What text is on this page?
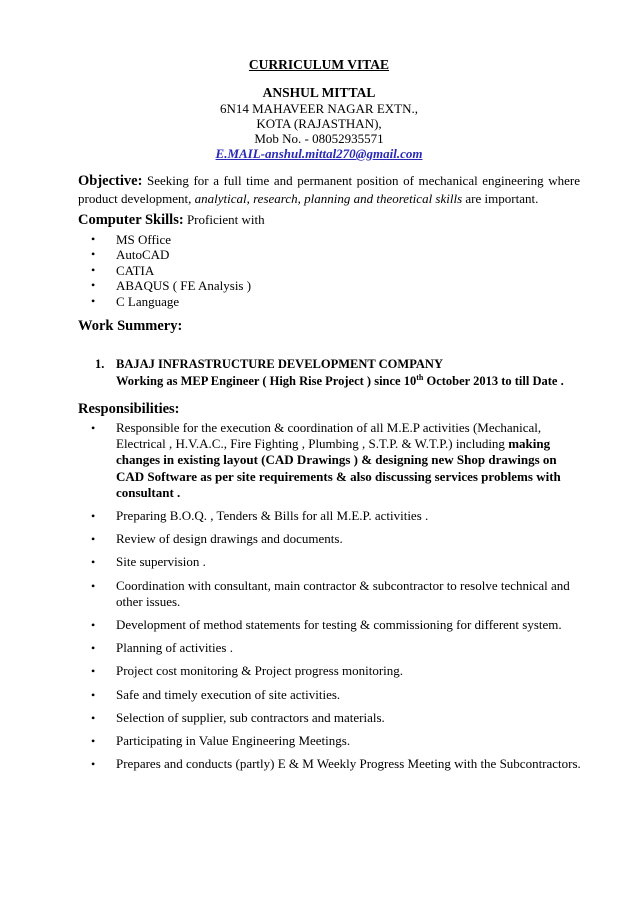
CURRICULUM VITAE
ANSHUL MITTAL
6N14 MAHAVEER NAGAR EXTN.,
KOTA (RAJASTHAN),
Mob No. - 08052935571
E.MAIL-anshul.mittal270@gmail.com
Objective: Seeking for a full time and permanent position of mechanical engineering where product development, analytical, research, planning and theoretical skills are important.
Computer Skills: Proficient with
• MS Office
• AutoCAD
• CATIA
• ABAQUS ( FE Analysis )
• C Language
Work Summery:
1. BAJAJ INFRASTRUCTURE DEVELOPMENT COMPANY
Working as MEP Engineer ( High Rise Project ) since 10th October 2013 to till Date .
Responsibilities:
• Responsible for the execution & coordination of all M.E.P activities (Mechanical, Electrical , H.V.A.C., Fire Fighting , Plumbing , S.T.P. & W.T.P.) including making changes in existing layout (CAD Drawings ) & designing new Shop drawings on CAD Software as per site requirements & also discussing services problems with consultant .
• Preparing B.O.Q. , Tenders & Bills for all M.E.P. activities .
• Review of design drawings and documents.
• Site supervision .
• Coordination with consultant, main contractor & subcontractor to resolve technical and other issues.
• Development of method statements for testing & commissioning for different system.
• Planning of activities .
• Project cost monitoring & Project progress monitoring.
• Safe and timely execution of site activities.
• Selection of supplier, sub contractors and materials.
• Participating in Value Engineering Meetings.
• Prepares and conducts (partly) E & M Weekly Progress Meeting with the Subcontractors.
